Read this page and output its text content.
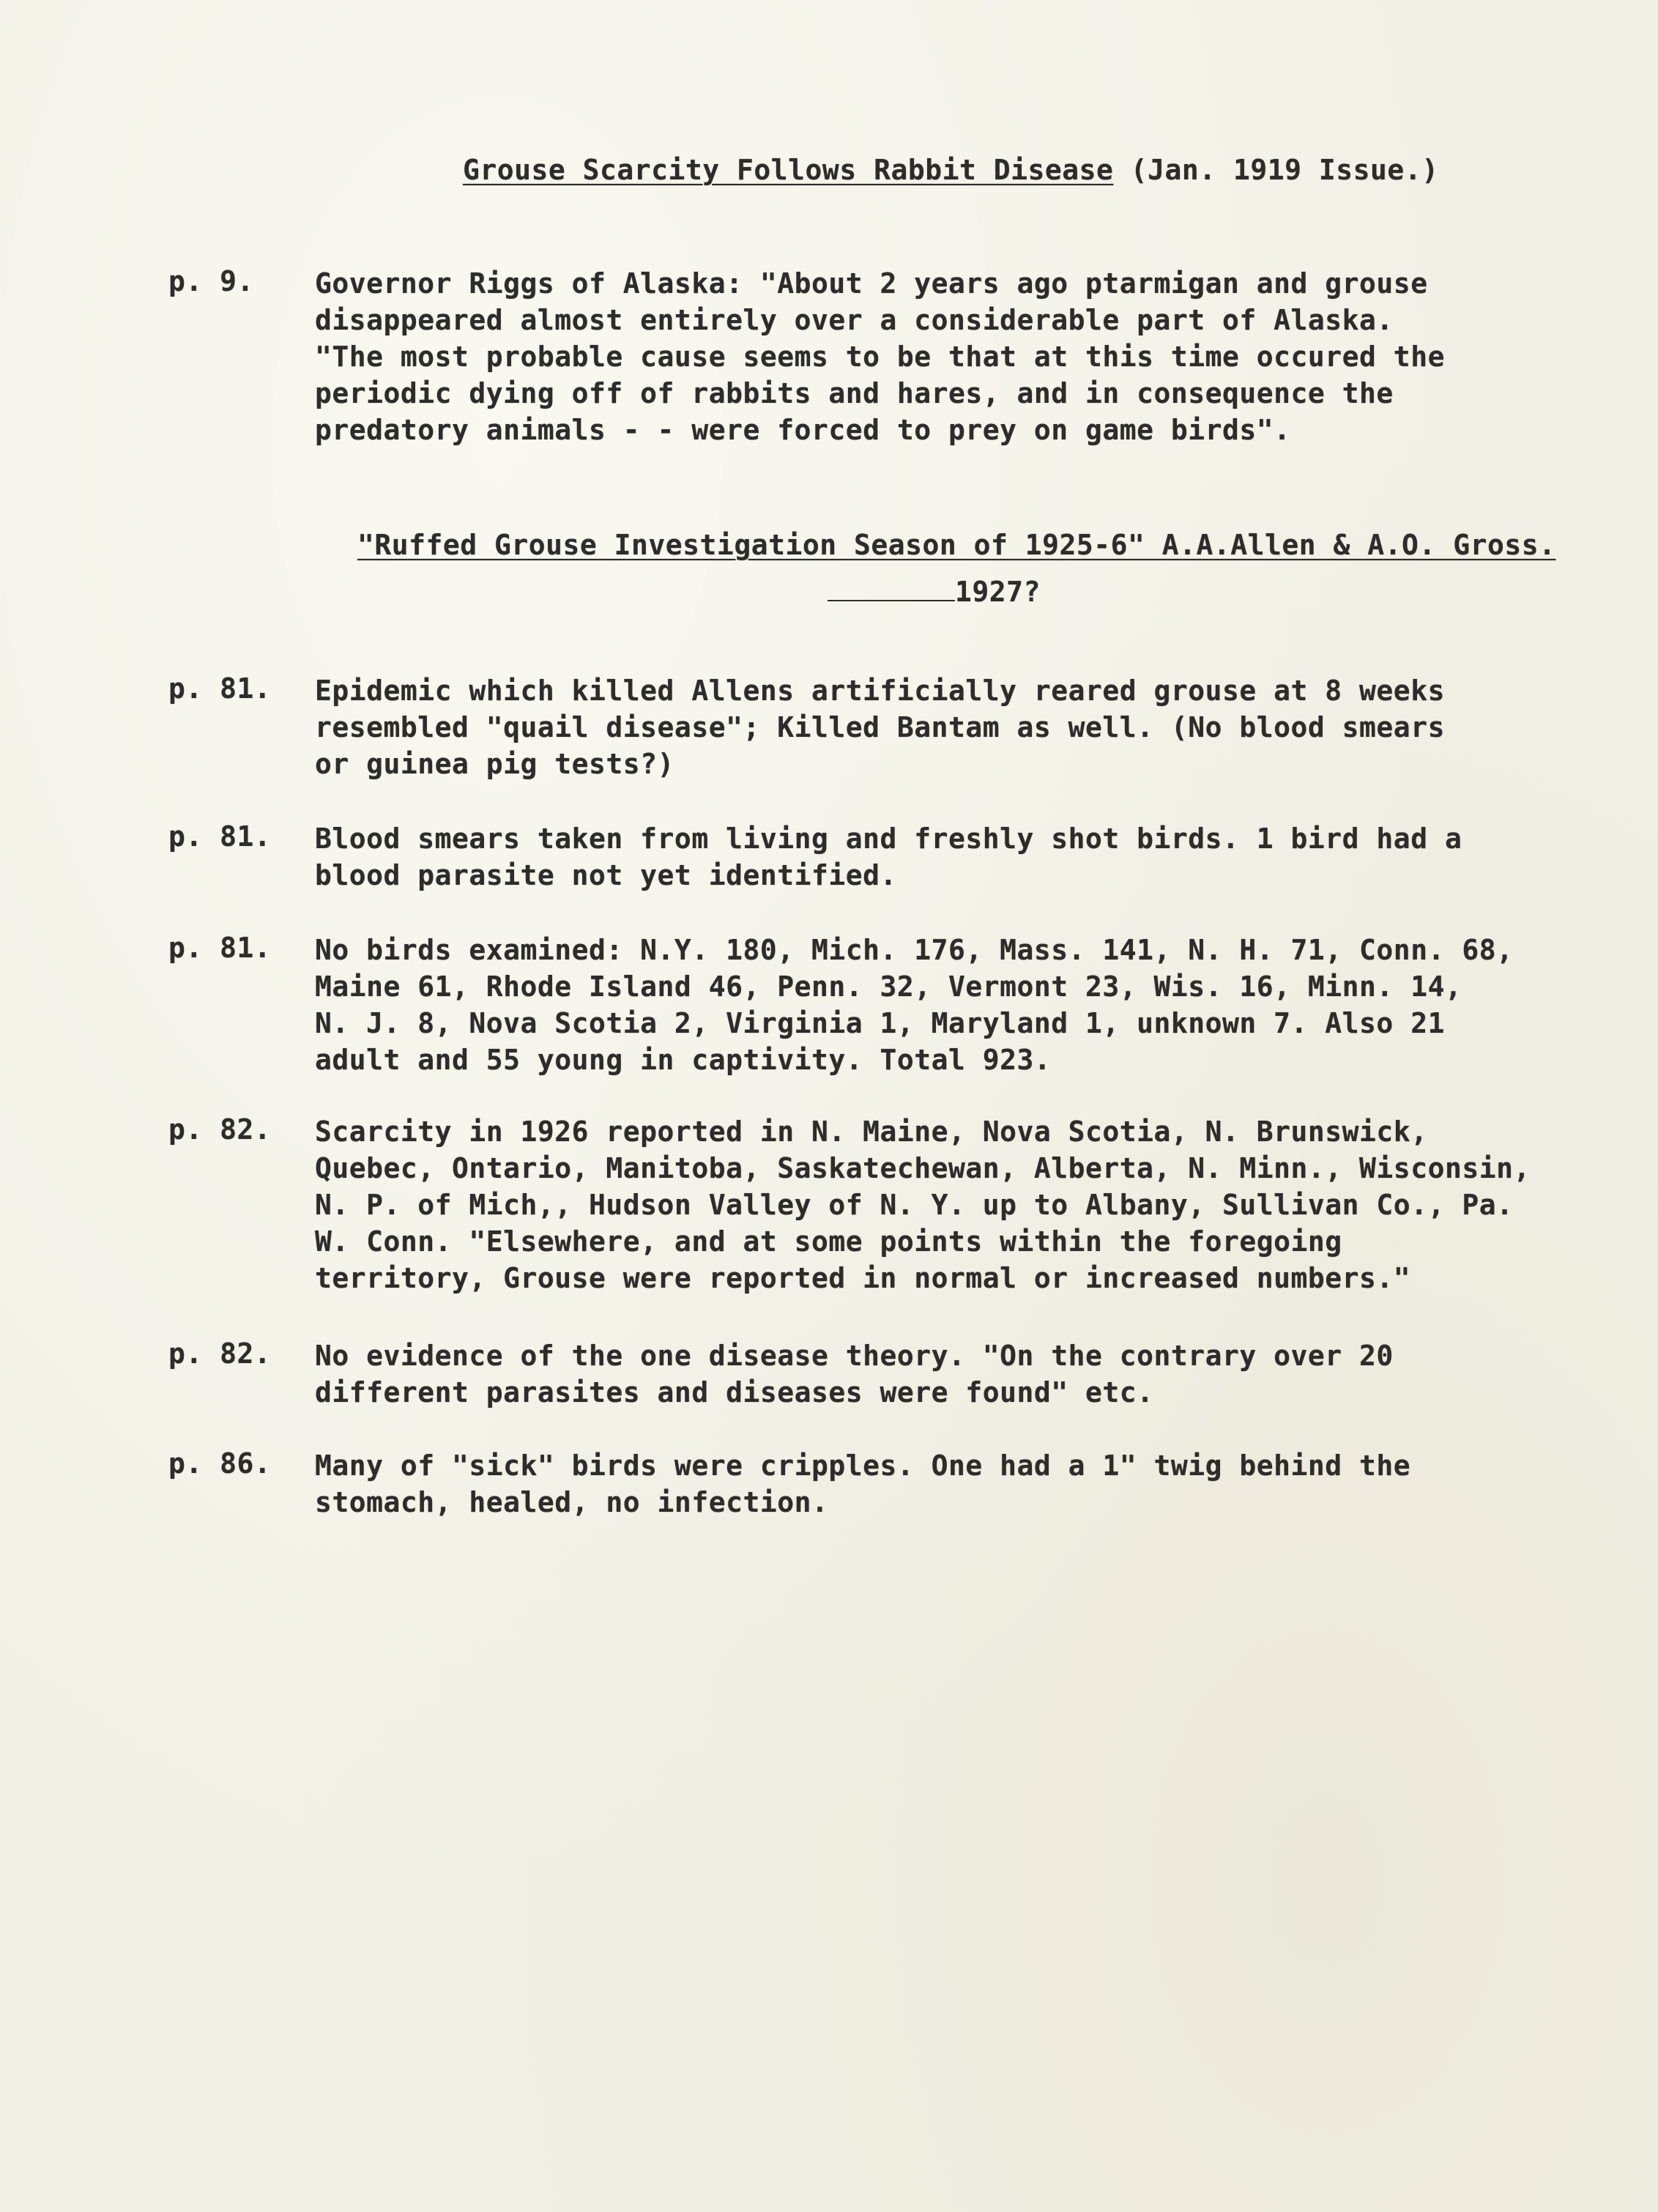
Grouse Scarcity Follows Rabbit Disease (Jan. 1919 Issue.)
"Ruffed Grouse Investigation Season of 1925-6" A.A.Allen & A.O. Gross.
1927?
p. 9.	Governor Riggs of Alaska: "About 2 years ago ptarmigan and grouse
disappeared almost entirely over a considerable part of Alaska.
"The most probable cause seems to be that at this time occured the
periodic dying off of rabbits and hares, and in consequence the
predatory animals - - were forced to prey on game birds".
p. 81.	Epidemic which killed Allens artificially reared grouse at 8 weeks
resembled "quail disease"; Killed Bantam as well. (No blood smears
or guinea pig tests?)
p. 81.	Blood smears taken from living and freshly shot birds. 1 bird had a
blood parasite not yet identified.
p. 81.	No birds examined: N.Y. 180, Mich. 176, Mass. 141, N. H. 71, Conn. 68,
Maine 61, Rhode Island 46, Penn. 32, Vermont 23, Wis. 16, Minn. 14,
N. J. 8, Nova Scotia 2, Virginia 1, Maryland 1, unknown 7. Also 21
adult and 55 young in captivity. Total 923.
p. 82.	Scarcity in 1926 reported in N. Maine, Nova Scotia, N. Brunswick,
Quebec, Ontario, Manitoba, Saskatechewan, Alberta, N. Minn., Wisconsin,
N. P. of Mich,, Hudson Valley of N. Y. up to Albany, Sullivan Co., Pa.
W. Conn. "Elsewhere, and at some points within the foregoing
territory, Grouse were reported in normal or increased numbers."
p. 82.	No evidence of the one disease theory. "On the contrary over 20
different parasites and diseases were found" etc.
p. 86.	Many of "sick" birds were cripples. One had a 1" twig behind the
stomach, healed, no infection.
